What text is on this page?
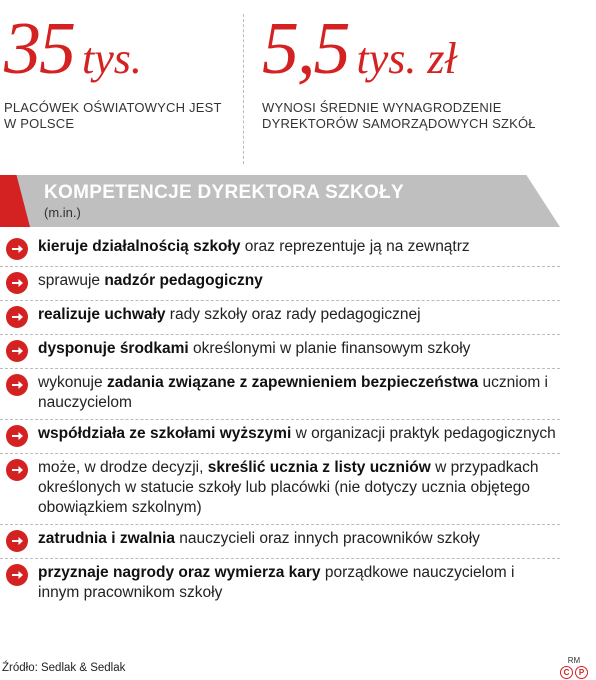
35 tys.
PLACÓWEK OŚWIATOWYCH JEST W POLSCE
5,5 tys. zł
WYNOSI ŚREDNIE WYNAGRODZENIE DYREKTORÓW SAMORZĄDOWYCH SZKÓŁ
KOMPETENCJE DYREKTORA SZKOŁY
(m.in.)
kieruje działalnością szkoły oraz reprezentuje ją na zewnątrz
sprawuje nadzór pedagogiczny
realizuje uchwały rady szkoły oraz rady pedagogicznej
dysponuje środkami określonymi w planie finansowym szkoły
wykonuje zadania związane z zapewnieniem bezpieczeństwa uczniom i nauczycielom
współdziała ze szkołami wyższymi w organizacji praktyk pedagogicznych
może, w drodze decyzji, skreślić ucznia z listy uczniów w przypadkach określonych w statucie szkoły lub placówki (nie dotyczy ucznia objętego obowiązkiem szkolnym)
zatrudnia i zwalnia nauczycieli oraz innych pracowników szkoły
przyznaje nagrody oraz wymierza kary porządkowe nauczycielom i innym pracownikom szkoły
Źródło: Sedlak & Sedlak
RM
C	P
